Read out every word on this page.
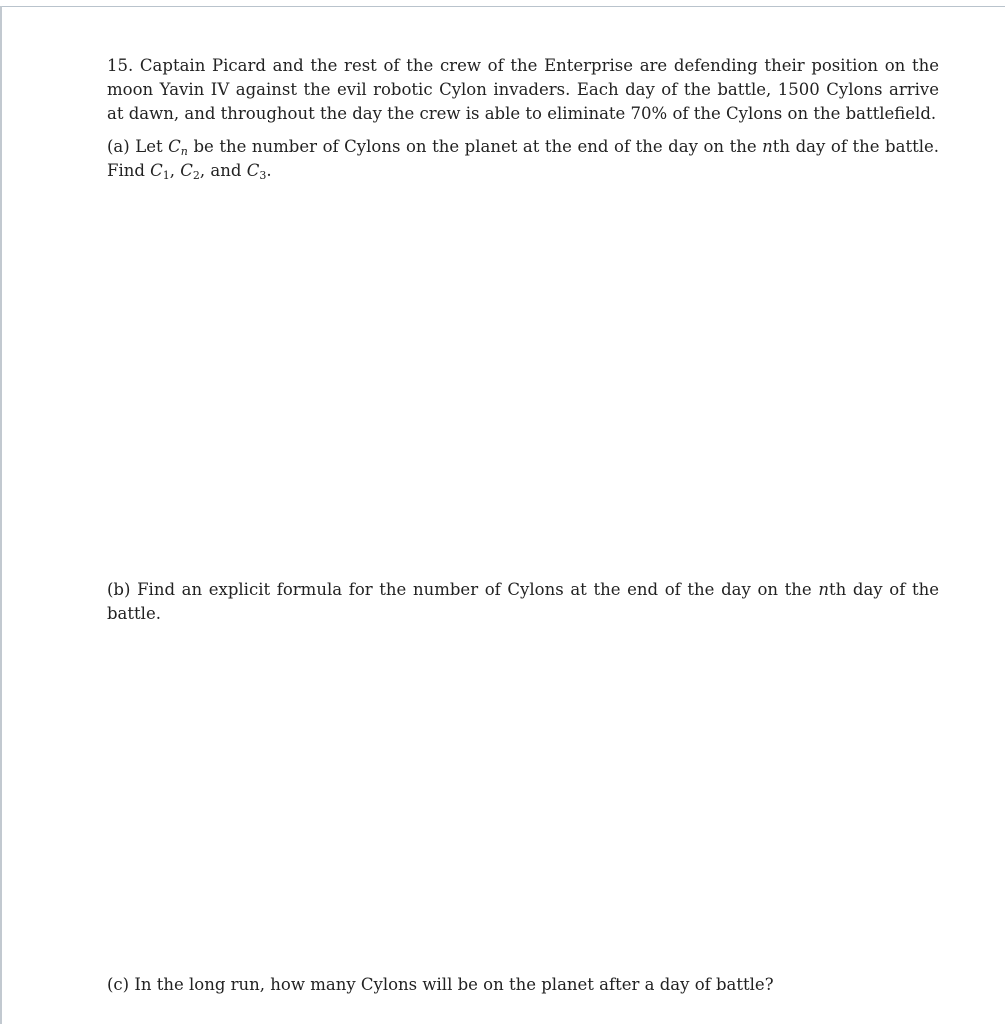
15. Captain Picard and the rest of the crew of the Enterprise are defending their position on the moon Yavin IV against the evil robotic Cylon invaders. Each day of the battle, 1500 Cylons arrive at dawn, and throughout the day the crew is able to eliminate 70% of the Cylons on the battlefield.

(a) Let $C_n$ be the number of Cylons on the planet at the end of the day on the nth day of the battle. Find $C_1$, $C_2$, and $C_3$.

(b) Find an explicit formula for the number of Cylons at the end of the day on the nth day of the battle.

(c) In the long run, how many Cylons will be on the planet after a day of battle?
